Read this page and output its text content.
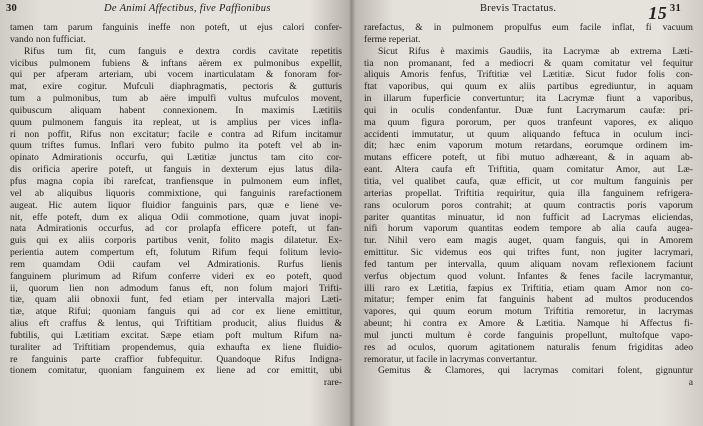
30	De Animi Affectibus, five Paffionibus
tamen tam parum fanguinis ineffe non poteft, ut ejus calori confer-
vando non fufficiat.
Rifus tum fit, cum fanguis e dextra cordis cavitate repetitis
vicibus pulmonem fubiens & inftans aërem ex pulmonibus expellit,
qui per afperam arteriam, ubi vocem inarticulatam & fonoram for-
mat, exire cogitur. Mufculi diaphragmatis, pectoris & gutturis
tum a pulmonibus, tum ab aëre impulfi vultus mufculos movent,
quibuscum aliquam habent connexionem. In maximis Lætitiis
quum pulmonem fanguis ita repleat, ut is amplius per vices infla-
ri non poffit, Rifus non excitatur; facile e contra ad Rifum incitamur
quum triftes fumus. Inflari vero fubito pulmo ita poteft vel ab in-
opinato Admirationis occurfu, qui Lætitiæ junctus tam cito cor-
dis orificia aperire poteft, ut fanguis in dexterum ejus latus dila-
pfus magna copia ibi rarefcat, tranfiensque in pulmonem eum inflet,
vel ab aliquibus liquoris commixtione, qui fanguinis rarefactionem
augeat. Hic autem liquor fluidior fanguinis pars, quæ e liene ve-
nit, effe poteft, dum ex aliqua Odii commotione, quam juvat inopi-
nata Admirationis occurfus, ad cor prolapfa efficere poteft, ut fan-
guis qui ex aliis corporis partibus venit, folito magis dilatetur. Ex-
perientia autem compertum eft, folutum Rifum fequi folitum levio-
rem quamdam Odii caufam vel Admirationis. Rurfus lienis
fanguinem plurimum ad Rifum conferre videri ex eo poteft, quod
ii, quorum lien non admodum fanus eft, non folum majori Trifti-
tiæ, quam alii obnoxii funt, fed etiam per intervalla majori Læti-
tiæ, atque Rifui; quoniam fanguis qui ad cor ex liene emittitur,
alius eft craffus & lentus, qui Triftitiam producit, alius fluidus &
fubtilis, qui Lætitiam excitat. Sæpe etiam poft multum Rifum na-
turaliter ad Triftitiam propendemus, quia exhaufta ex liene fluidio-
re fanguinis parte craffior fubfequitur. Quandoque Rifus Indigna-
tionem comitatur, quoniam fanguinem ex liene ad cor emittit, ubi
rare-
Brevis Tractatus.	15 31
rarefactus, & in pulmonem propulfus eum facile inflat, fi vacuum
ferme reperiat.
Sicut Rifus è maximis Gaudiis, ita Lacrymæ ab extrema Læti-
tia non promanant, fed a mediocri & quam comitatur vel fequitur
aliquis Amoris fenfus, Triftitiæ vel Lætitiæ. Sicut fudor folis con-
ftat vaporibus, qui quum ex aliis partibus egrediuntur, in aquam
in illarum fuperficie convertuntur; ita Lacrymæ fiunt a vaporibus,
qui in oculis condenfantur. Duæ funt Lacrymarum caufæ: pri-
ma quum figura pororum, per quos tranfeunt vapores, ex aliquo
accidenti immutatur, ut quum aliquando feftuca in oculum inci-
dit; hæc enim vaporum motum retardans, eorumque ordinem im-
mutans efficere poteft, ut fibi mutuo adhæreant, & in aquam ab-
eant. Altera caufa eft Triftitia, quam comitatur Amor, aut Læ-
titia, vel qualibet caufa, quæ efficit, ut cor multum fanguinis per
arterias propellat. Triftitia requiritur, quia illa fanguinem refrigera-
rans oculorum poros contrahit; at quum contractis poris vaporum
pariter quantitas minuatur, id non fufficit ad Lacrymas eliciendas,
nifi horum vaporum quantitas eodem tempore ab alia caufa augea-
tur. Nihil vero eam magis auget, quam fanguis, qui in Amorem
emittitur. Sic videmus eos qui triftes funt, non jugiter lacrymari,
fed tantum per intervalla, quum aliquam novam reflexionem faciunt
verfus objectum quod volunt. Infantes & fenes facile lacrymantur,
illi raro ex Lætitia, fæpius ex Triftitia, etiam quam Amor non co-
mitatur; femper enim fat fanguinis habent ad multos producendos
vapores, qui quum eorum motum Triftitia remoretur, in lacrymas
abeunt; hi contra ex Amore & Lætitia. Namque hi Affectus fi-
mul juncti multum è corde fanguinis propellunt, multofque vapo-
res ad oculos, quorum agitationem naturalis fenum frigiditas adeo
remoratur, ut facile in lacrymas convertantur.
Gemitus & Clamores, qui lacrymas comitari folent, gignuntur
a
